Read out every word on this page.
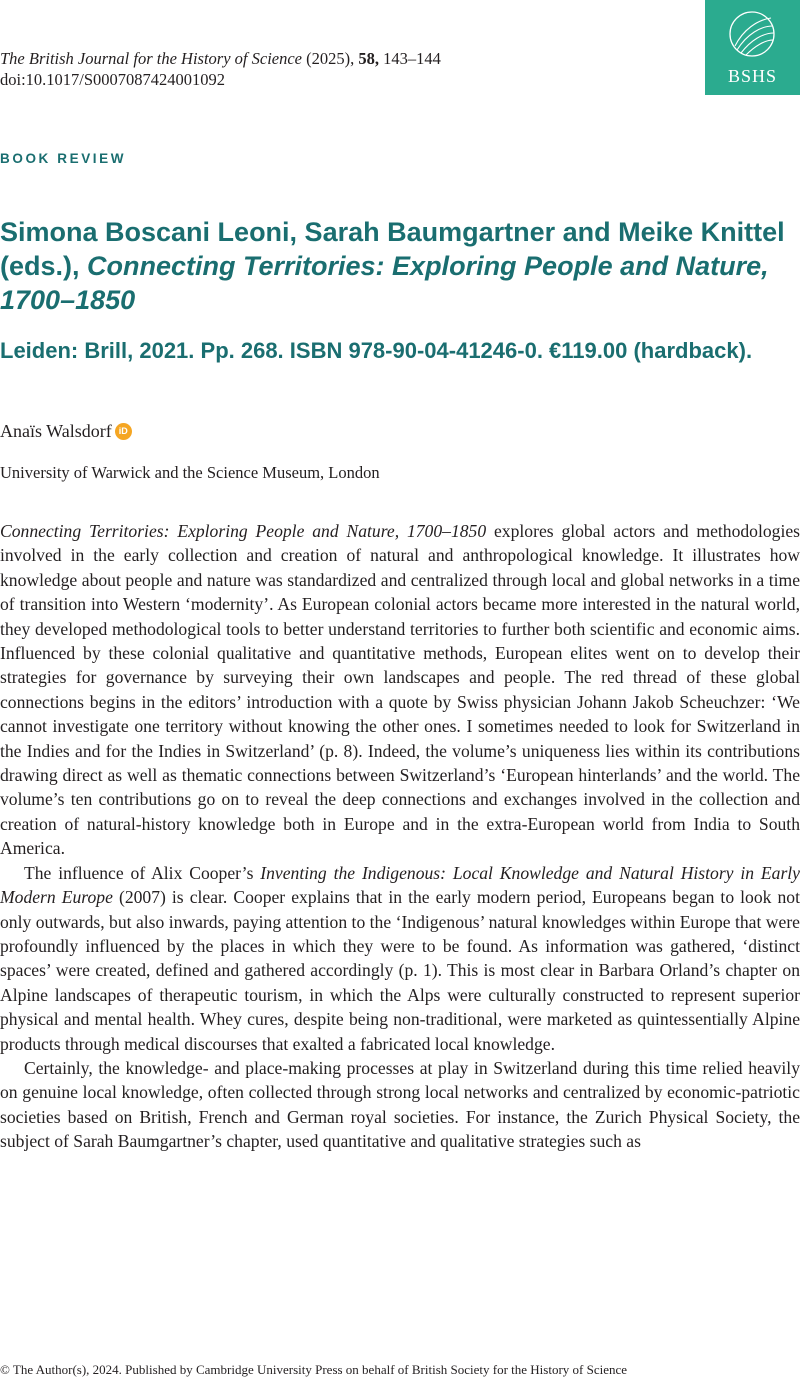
The British Journal for the History of Science (2025), 58, 143–144
doi:10.1017/S0007087424001092	BSHS
BOOK REVIEW
Simona Boscani Leoni, Sarah Baumgartner and Meike Knittel (eds.), Connecting Territories: Exploring People and Nature, 1700–1850
Leiden: Brill, 2021. Pp. 268. ISBN 978-90-04-41246-0. €119.00 (hardback).
Anaïs Walsdorf iD
University of Warwick and the Science Museum, London

Connecting Territories: Exploring People and Nature, 1700–1850 explores global actors and methodologies involved in the early collection and creation of natural and anthropological knowledge. It illustrates how knowledge about people and nature was standardized and centralized through local and global networks in a time of transition into Western ‘modernity’. As European colonial actors became more interested in the natural world, they developed methodological tools to better understand territories to further both scientific and economic aims. Influenced by these colonial qualitative and quantitative methods, European elites went on to develop their strategies for governance by surveying their own landscapes and people. The red thread of these global connections begins in the editors’ introduction with a quote by Swiss physician Johann Jakob Scheuchzer: ‘We cannot investigate one territory without knowing the other ones. I sometimes needed to look for Switzerland in the Indies and for the Indies in Switzerland’ (p. 8). Indeed, the volume’s uniqueness lies within its contributions drawing direct as well as thematic connections between Switzerland’s ‘European hinterlands’ and the world. The volume’s ten contributions go on to reveal the deep connections and exchanges involved in the collection and creation of natural-history knowledge both in Europe and in the extra-European world from India to South America.

The influence of Alix Cooper’s Inventing the Indigenous: Local Knowledge and Natural History in Early Modern Europe (2007) is clear. Cooper explains that in the early modern period, Europeans began to look not only outwards, but also inwards, paying attention to the ‘Indigenous’ natural knowledges within Europe that were profoundly influenced by the places in which they were to be found. As information was gathered, ‘distinct spaces’ were created, defined and gathered accordingly (p. 1). This is most clear in Barbara Orland’s chapter on Alpine landscapes of therapeutic tourism, in which the Alps were culturally constructed to represent superior physical and mental health. Whey cures, despite being non-traditional, were marketed as quintessentially Alpine products through medical discourses that exalted a fabricated local knowledge.

Certainly, the knowledge- and place-making processes at play in Switzerland during this time relied heavily on genuine local knowledge, often collected through strong local networks and centralized by economic-patriotic societies based on British, French and German royal societies. For instance, the Zurich Physical Society, the subject of Sarah Baumgartner’s chapter, used quantitative and qualitative strategies such as

© The Author(s), 2024. Published by Cambridge University Press on behalf of British Society for the History of Science
